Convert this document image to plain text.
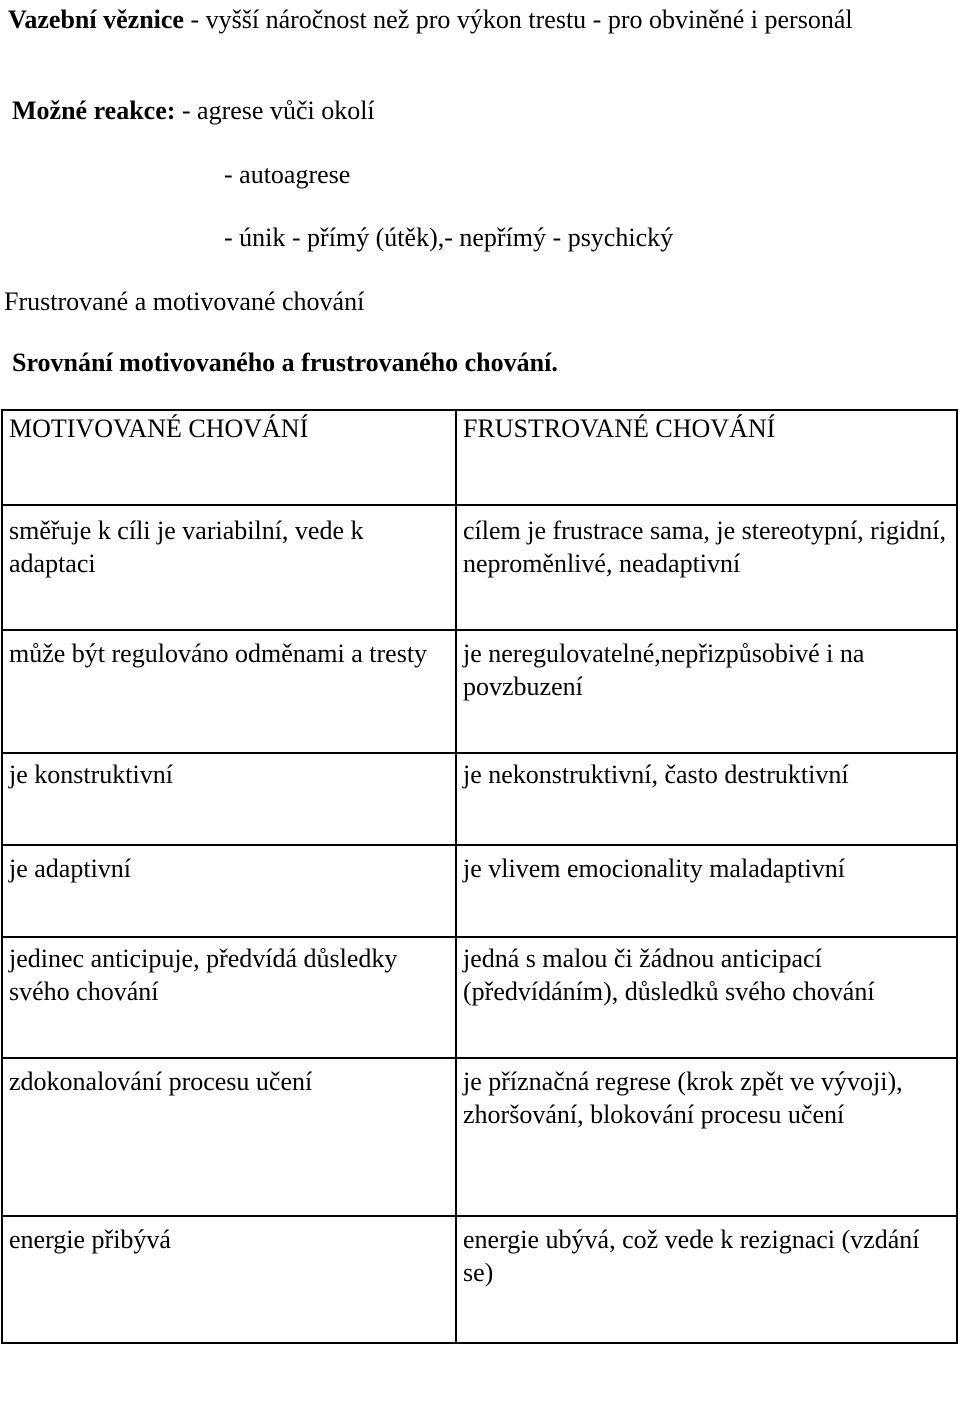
Vazební věznice - vyšší náročnost než pro výkon trestu - pro obviněné i personál
Možné reakce: - agrese vůči okolí
- autoagrese
- únik - přímý (útěk),- nepřímý - psychický
Frustrované a motivované chování
Srovnání motivovaného a frustrovaného chování.
MOTIVOVANÉ CHOVÁNÍ	FRUSTROVANÉ CHOVÁNÍ
směřuje k cíli je variabilní, vede k adaptaci	cílem je frustrace sama, je stereotypní, rigidní, neproměnlivé, neadaptivní
může být regulováno odměnami a tresty	je neregulovatelné,nepřizpůsobivé i na povzbuzení
je konstruktivní	je nekonstruktivní, často destruktivní
je adaptivní	je vlivem emocionality maladaptivní
jedinec anticipuje, předvídá důsledky svého chování	jedná s malou či žádnou anticipací (předvídáním), důsledků svého chování
zdokonalování procesu učení	je příznačná regrese (krok zpět ve vývoji), zhoršování, blokování procesu učení
energie přibývá	energie ubývá, což vede k rezignaci (vzdání se)
